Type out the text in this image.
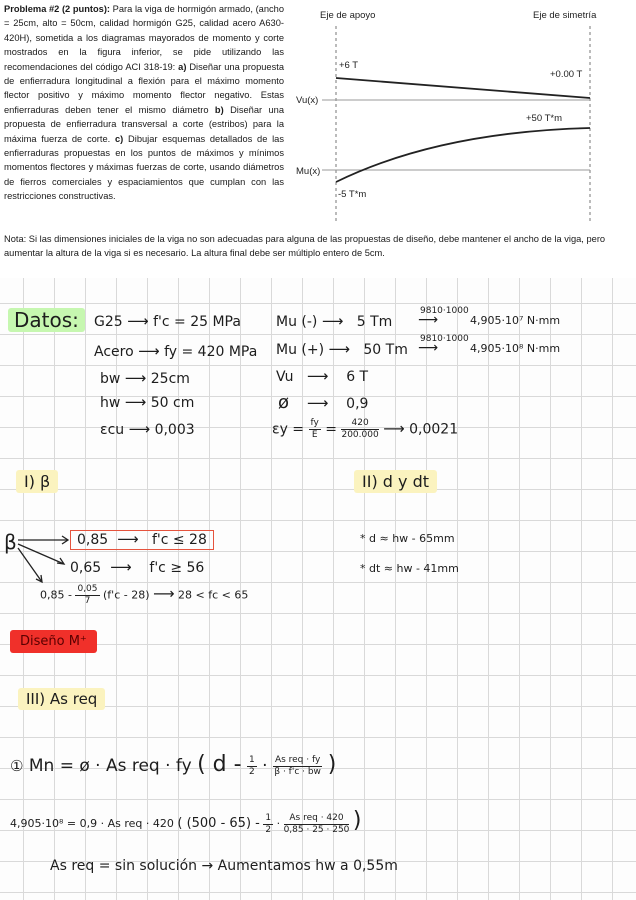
Problema #2 (2 puntos): Para la viga de hormigón armado, (ancho = 25cm, alto = 50cm, calidad hormigón G25, calidad acero A630-420H), sometida a los diagramas mayorados de momento y corte mostrados en la figura inferior, se pide utilizando las recomendaciones del código ACI 318-19: a) Diseñar una propuesta de enfierradura longitudinal a flexión para el máximo momento flector positivo y máximo momento flector negativo. Estas enfierraduras deben tener el mismo diámetro b) Diseñar una propuesta de enfierradura transversal a corte (estribos) para la máxima fuerza de corte. c) Dibujar esquemas detallados de las enfierraduras propuestas en los puntos de máximos y mínimos momentos flectores y máximas fuerzas de corte, usando diámetros de fierros comerciales y espaciamientos que cumplan con las restricciones constructivas.
Eje de apoyo	Eje de simetría
Vu(x)
+6 T
+0.00 T
Mu(x)
+50 T*m
-5 T*m
Nota: Si las dimensiones iniciales de la viga no son adecuadas para alguna de las propuestas de diseño, debe mantener el ancho de la viga, pero aumentar la altura de la viga si es necesario. La altura final debe ser múltiplo entero de 5cm.
Datos:	G25 ⟶ f'c = 25 MPa
Acero ⟶ fy = 420 MPa
bw ⟶ 25cm
hw ⟶ 50 cm
εcu ⟶ 0,003
Mu (-) ⟶ 5 Tm
9810·1000
⟶	4,905·10⁷ N·mm
Mu (+) ⟶ 50 Tm
9810·1000
⟶	4,905·10⁸ N·mm
Vu ⟶ 6 T
ø ⟶ 0,9
$\varepsilon y = \frac{fy}{E} = \frac{420}{200.000}$ ⟶ 0,0021
I) β	II) d y dt
β	0,85 ⟶ f'c ≤ 28
0,65 ⟶ f'c ≥ 56
$0,85 - \frac{0,05}{7} (f'c - 28)$ ⟶ 28 < fc < 65
* d ≈ hw - 65mm
* dt ≈ hw - 41mm
Diseño M⁺
III) As req
① Mn = ø · As req · fy ( $d - \frac{1}{2} \cdot \frac{\text{As req · fy}}{\beta \cdot f'c \cdot bw}$ )
4,905·10⁸ = 0,9 · As req · 420 ( $(500 - 65) - \frac{1}{2} \cdot \frac{\text{As req · 420}}{0,85 \cdot 25 \cdot 250}$ )
As req = sin solución → Aumentamos hw a 0,55m
